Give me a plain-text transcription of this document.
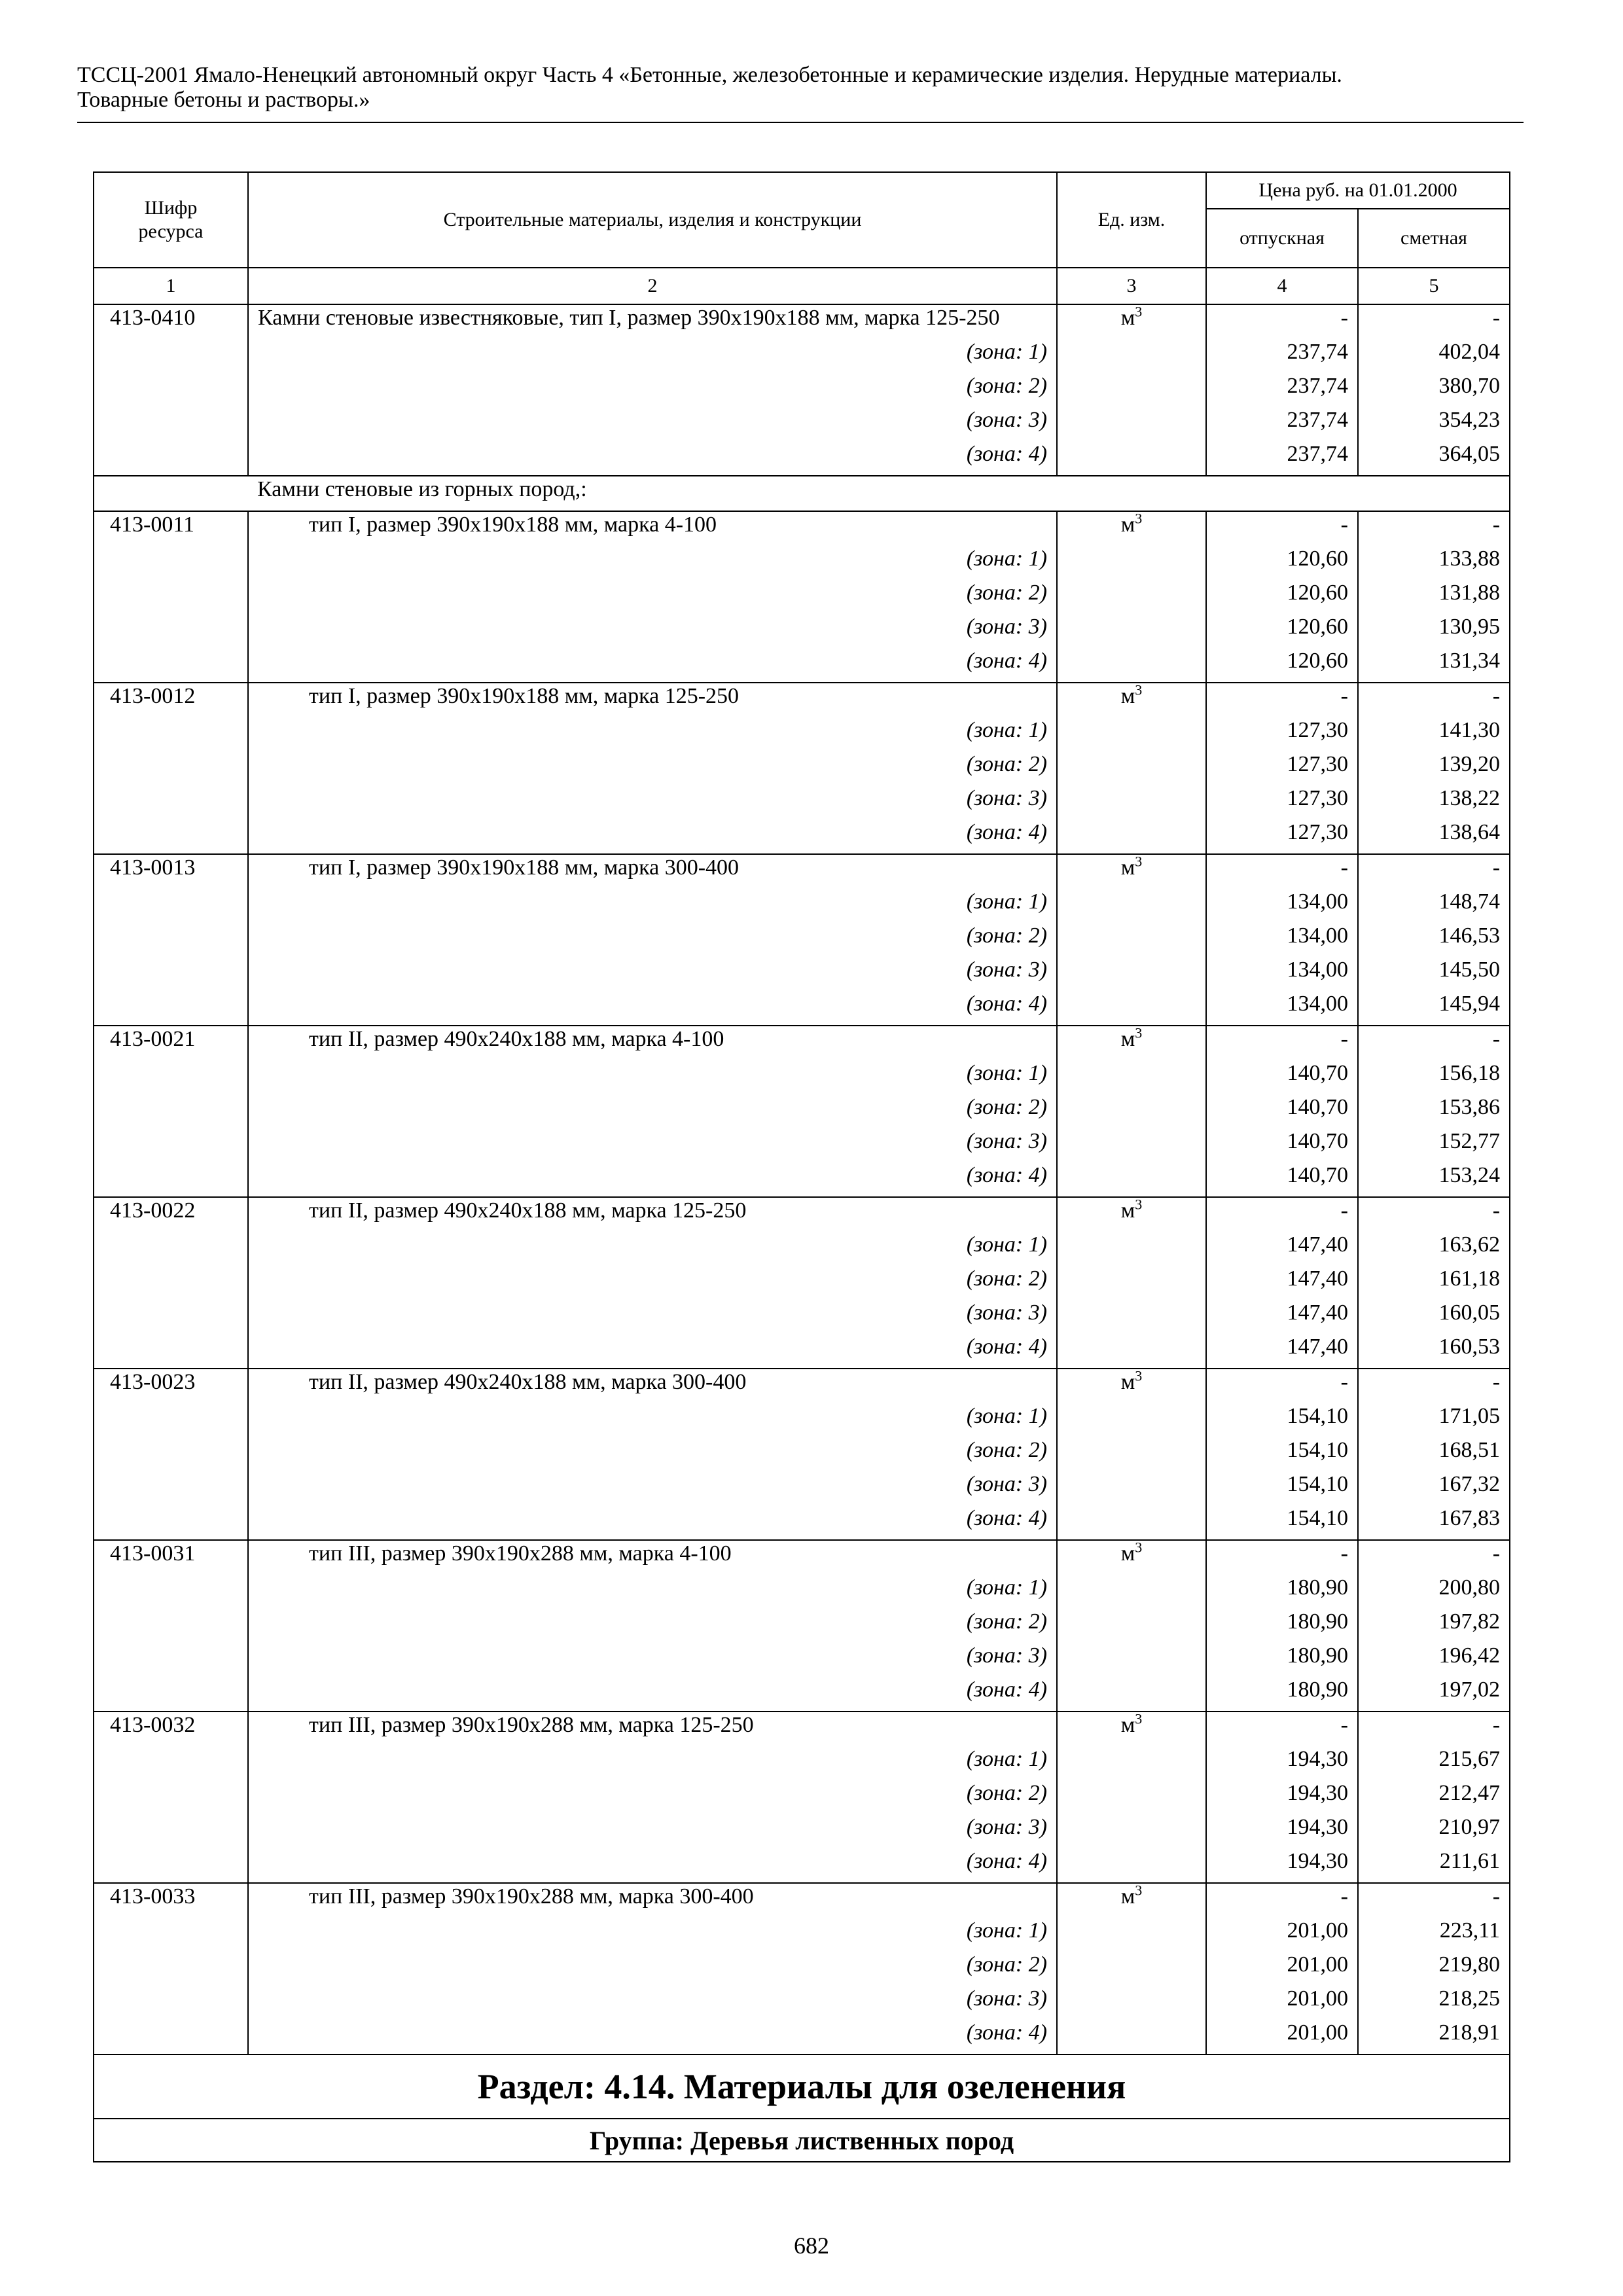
ТССЦ-2001 Ямало-Ненецкий автономный округ Часть 4 «Бетонные, железобетонные и керамические изделия. Нерудные материалы.
Товарные бетоны и растворы.»
Шифр ресурса	Строительные материалы, изделия и конструкции	Ед. изм.	Цена руб. на 01.01.2000	
			отпускная	сметная
1	2	3	4	5
413-0410	Камни стеновые известняковые, тип I, размер 390х190х188 мм, марка 125-250	$м^3$	-	-
	(зона: 1)		237,74	402,04
	(зона: 2)		237,74	380,70
	(зона: 3)		237,74	354,23
	(зона: 4)		237,74	364,05
	Камни стеновые из горных пород,:			
413-0011	тип I, размер 390х190х188 мм, марка 4-100	$м^3$	-	-
	(зона: 1)		120,60	133,88
	(зона: 2)		120,60	131,88
	(зона: 3)		120,60	130,95
	(зона: 4)		120,60	131,34
413-0012	тип I, размер 390х190х188 мм, марка 125-250	$м^3$	-	-
	(зона: 1)		127,30	141,30
	(зона: 2)		127,30	139,20
	(зона: 3)		127,30	138,22
	(зона: 4)		127,30	138,64
413-0013	тип I, размер 390х190х188 мм, марка 300-400	$м^3$	-	-
	(зона: 1)		134,00	148,74
	(зона: 2)		134,00	146,53
	(зона: 3)		134,00	145,50
	(зона: 4)		134,00	145,94
413-0021	тип II, размер 490х240х188 мм, марка 4-100	$м^3$	-	-
	(зона: 1)		140,70	156,18
	(зона: 2)		140,70	153,86
	(зона: 3)		140,70	152,77
	(зона: 4)		140,70	153,24
413-0022	тип II, размер 490х240х188 мм, марка 125-250	$м^3$	-	-
	(зона: 1)		147,40	163,62
	(зона: 2)		147,40	161,18
	(зона: 3)		147,40	160,05
	(зона: 4)		147,40	160,53
413-0023	тип II, размер 490х240х188 мм, марка 300-400	$м^3$	-	-
	(зона: 1)		154,10	171,05
	(зона: 2)		154,10	168,51
	(зона: 3)		154,10	167,32
	(зона: 4)		154,10	167,83
413-0031	тип III, размер 390х190х288 мм, марка 4-100	$м^3$	-	-
	(зона: 1)		180,90	200,80
	(зона: 2)		180,90	197,82
	(зона: 3)		180,90	196,42
	(зона: 4)		180,90	197,02
413-0032	тип III, размер 390х190х288 мм, марка 125-250	$м^3$	-	-
	(зона: 1)		194,30	215,67
	(зона: 2)		194,30	212,47
	(зона: 3)		194,30	210,97
	(зона: 4)		194,30	211,61
413-0033	тип III, размер 390х190х288 мм, марка 300-400	$м^3$	-	-
	(зона: 1)		201,00	223,11
	(зона: 2)		201,00	219,80
	(зона: 3)		201,00	218,25
	(зона: 4)		201,00	218,91
Раздел: 4.14. Материалы для озеленения				
Группа: Деревья лиственных пород				
682
